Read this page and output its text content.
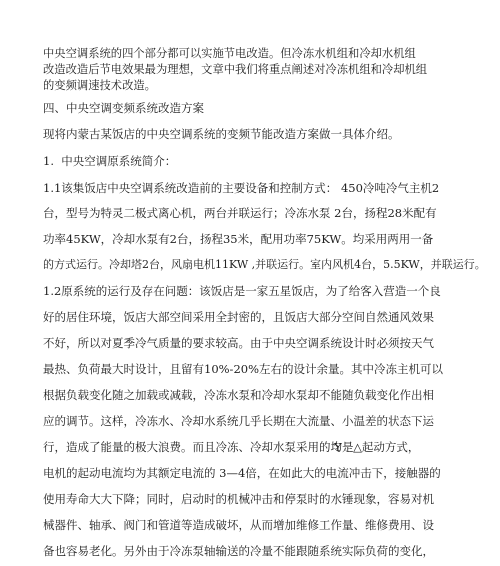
中央空调系统的四个部分都可以实施节电改造。但冷冻水机组和冷却水机组
改造改造后节电效果最为理想，文章中我们将重点阐述对冷冻机组和冷却机组
的变频调速技术改造。
四、中央空调变频系统改造方案
现将内蒙古某饭店的中央空调系统的变频节能改造方案做一具体介绍。
1.  中央空调原系统简介：
1.1该集饭店中央空调系统改造前的主要设备和控制方式： 450冷吨冷气主机2
台，型号为特灵二极式离心机，两台并联运行；冷冻水泵 2台，扬程28米配有
功率45KW，冷却水泵有2台，扬程35米，配用功率75KW。均采用两用一备
的方式运行。冷却塔2台，风扇电机11KW ,并联运行。室内风机4台，5.5KW，并联运行。
1.2原系统的运行及存在问题：该饭店是一家五星饭店，为了给客入营造一个良
好的居住环境，饭店大部空间采用全封密的，且饭店大部分空间自然通风效果
不好，所以对夏季冷气质量的要求较高。由于中央空调系统设计时必须按天气
最热、负荷最大时设计，且留有10%-20%左右的设计余量。其中冷冻主机可以
根据负载变化随之加载或减载，冷冻水泵和冷却水泵却不能随负载变化作出相
应的调节。这样，冷冻水、冷却水系统几乎长期在大流量、小温差的状态下运
行，造成了能量的极大浪费。而且冷冻、冷却水泵采用的均是
Y－△起动方式，
电机的起动电流均为其额定电流的 3—4倍，在如此大的电流冲击下，接触器的
使用寿命大大下降；同时，启动时的机械冲击和停泵时的水锤现象，容易对机
械器件、轴承、阀门和管道等造成破坏，从而增加维修工作量、维修费用、设
备也容易老化。另外由于冷冻泵轴输送的冷量不能跟随系统实际负荷的变化，
